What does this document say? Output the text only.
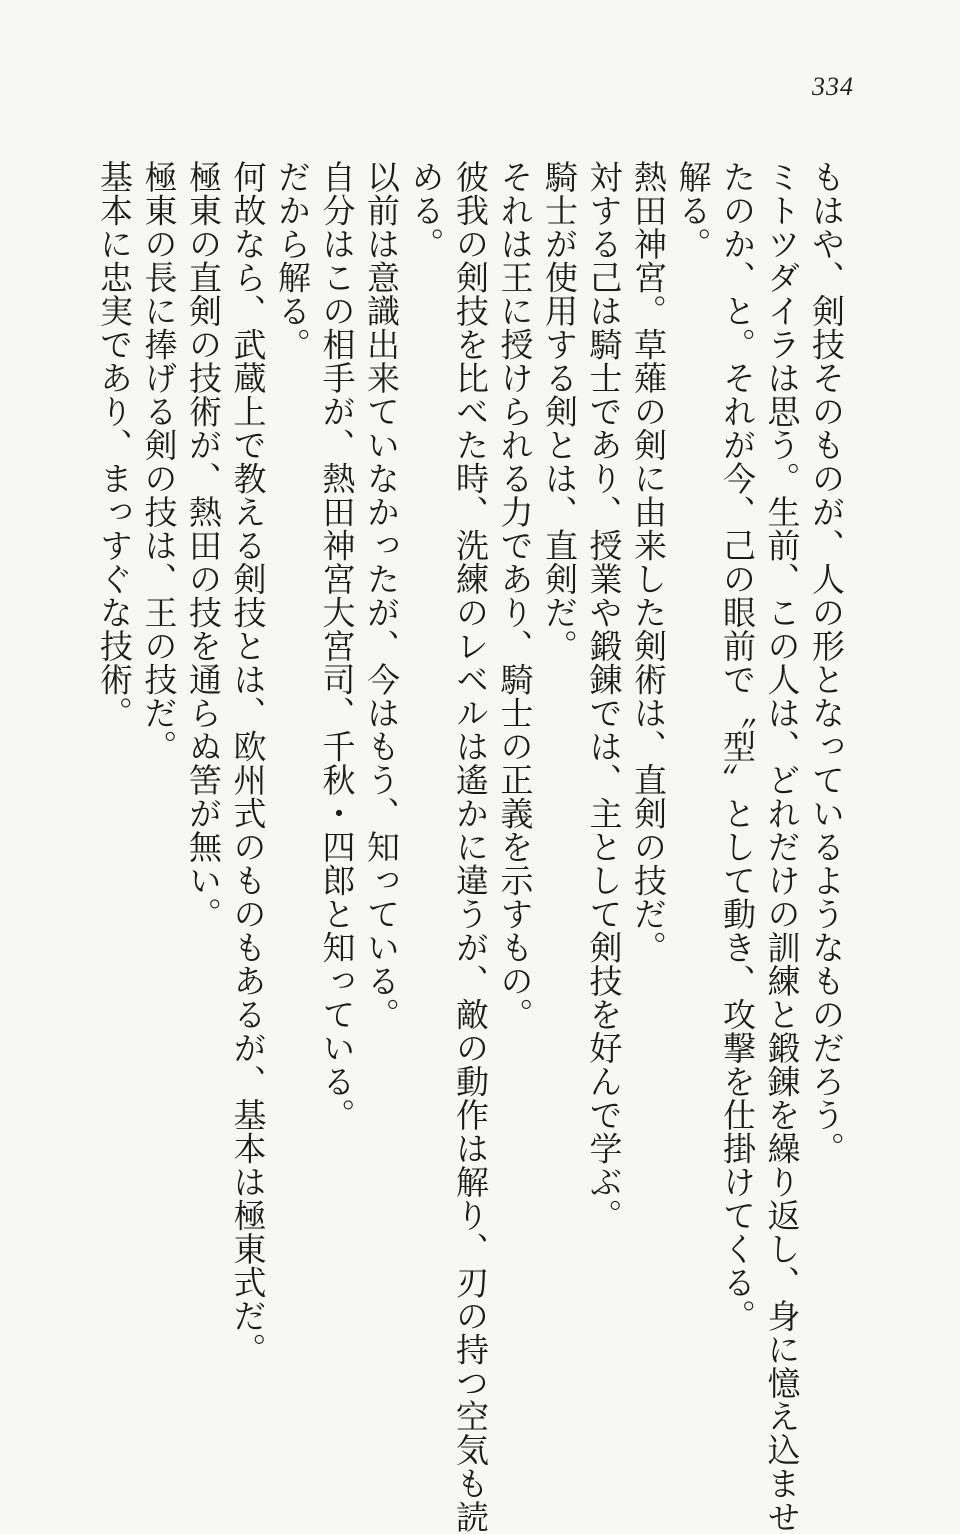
334
もはや、剣技そのものが、人の形となっているようなものだろう。
ミトツダイラは思う。生前、この人は、どれだけの訓練と鍛錬を繰り返し、身に憶え込ませ
たのか、と。それが今、己の眼前で〝型〟として動き、攻撃を仕掛けてくる。
解る。
熱田神宮。草薙の剣に由来した剣術は、直剣の技だ。
対する己は騎士であり、授業や鍛錬では、主として剣技を好んで学ぶ。
騎士が使用する剣とは、直剣だ。
それは王に授けられる力であり、騎士の正義を示すもの。
彼我の剣技を比べた時、洗練のレベルは遙かに違うが、敵の動作は解り、刃の持つ空気も読
める。
以前は意識出来ていなかったが、今はもう、知っている。
自分はこの相手が、熱田神宮大宮司、千秋・四郎と知っている。
だから解る。
何故なら、武蔵上で教える剣技とは、欧州式のものもあるが、基本は極東式だ。
極東の直剣の技術が、熱田の技を通らぬ筈が無い。
極東の長に捧げる剣の技は、王の技だ。
基本に忠実であり、まっすぐな技術。
